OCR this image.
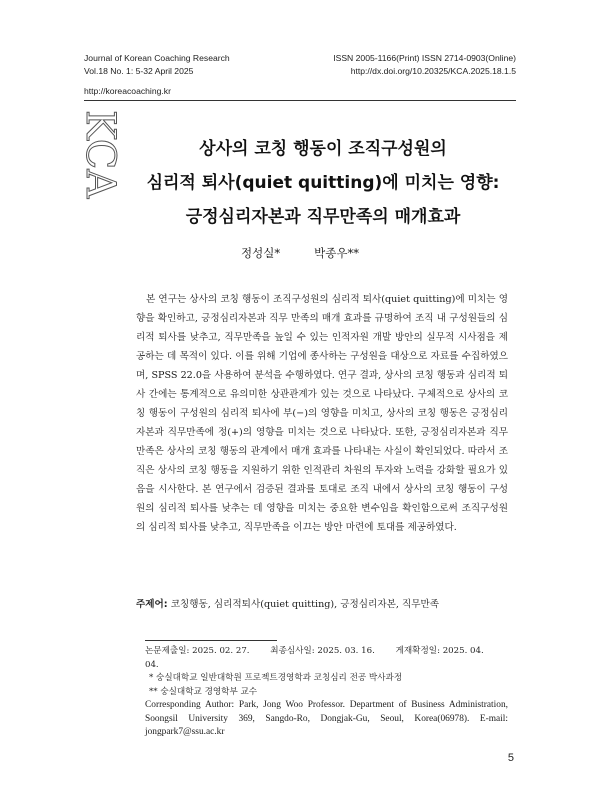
Journal of Korean Coaching Research
Vol.18 No. 1: 5-32 April 2025
ISSN 2005-1166(Print) ISSN 2714-0903(Online)
http://dx.doi.org/10.20325/KCA.2025.18.1.5
http://koreacoaching.kr
KCA	상사의 코칭 행동이 조직구성원의
심리적 퇴사(quiet quitting)에 미치는 영향:
긍정심리자본과 직무만족의 매개효과
정성실*	박종우**

본 연구는 상사의 코칭 행동이 조직구성원의 심리적 퇴사(quiet quitting)에 미치는 영향을 확인하고, 긍정심리자본과 직무 만족의 매개 효과를 규명하여 조직 내 구성원들의 심리적 퇴사를 낮추고, 직무만족을 높일 수 있는 인적자원 개발 방안의 실무적 시사점을 제공하는 데 목적이 있다. 이를 위해 기업에 종사하는 구성원을 대상으로 자료를 수집하였으며, SPSS 22.0을 사용하여 분석을 수행하였다. 연구 결과, 상사의 코칭 행동과 심리적 퇴사 간에는 통계적으로 유의미한 상관관계가 있는 것으로 나타났다. 구체적으로 상사의 코칭 행동이 구성원의 심리적 퇴사에 부(−)의 영향을 미치고, 상사의 코칭 행동은 긍정심리자본과 직무만족에 정(+)의 영향을 미치는 것으로 나타났다. 또한, 긍정심리자본과 직무만족은 상사의 코칭 행동의 관계에서 매개 효과를 나타내는 사실이 확인되었다. 따라서 조직은 상사의 코칭 행동을 지원하기 위한 인적관리 차원의 투자와 노력을 강화할 필요가 있음을 시사한다. 본 연구에서 검증된 결과를 토대로 조직 내에서 상사의 코칭 행동이 구성원의 심리적 퇴사를 낮추는 데 영향을 미치는 중요한 변수임을 확인함으로써 조직구성원의 심리적 퇴사를 낮추고, 직무만족을 이끄는 방안 마련에 토대를 제공하였다.

주제어: 코칭행동, 심리적퇴사(quiet quitting), 긍정심리자본, 직무만족
논문제출일: 2025. 02. 27. 최종심사일: 2025. 03. 16. 게재확정일: 2025. 04. 04.
* 숭실대학교 일반대학원 프로젝트경영학과 코칭심리 전공 박사과정
** 숭실대학교 경영학부 교수
Corresponding Author: Park, Jong Woo Professor. Department of Business Administration, Soongsil University 369, Sangdo-Ro, Dongjak-Gu, Seoul, Korea(06978). E-mail: jongpark7@ssu.ac.kr
5
